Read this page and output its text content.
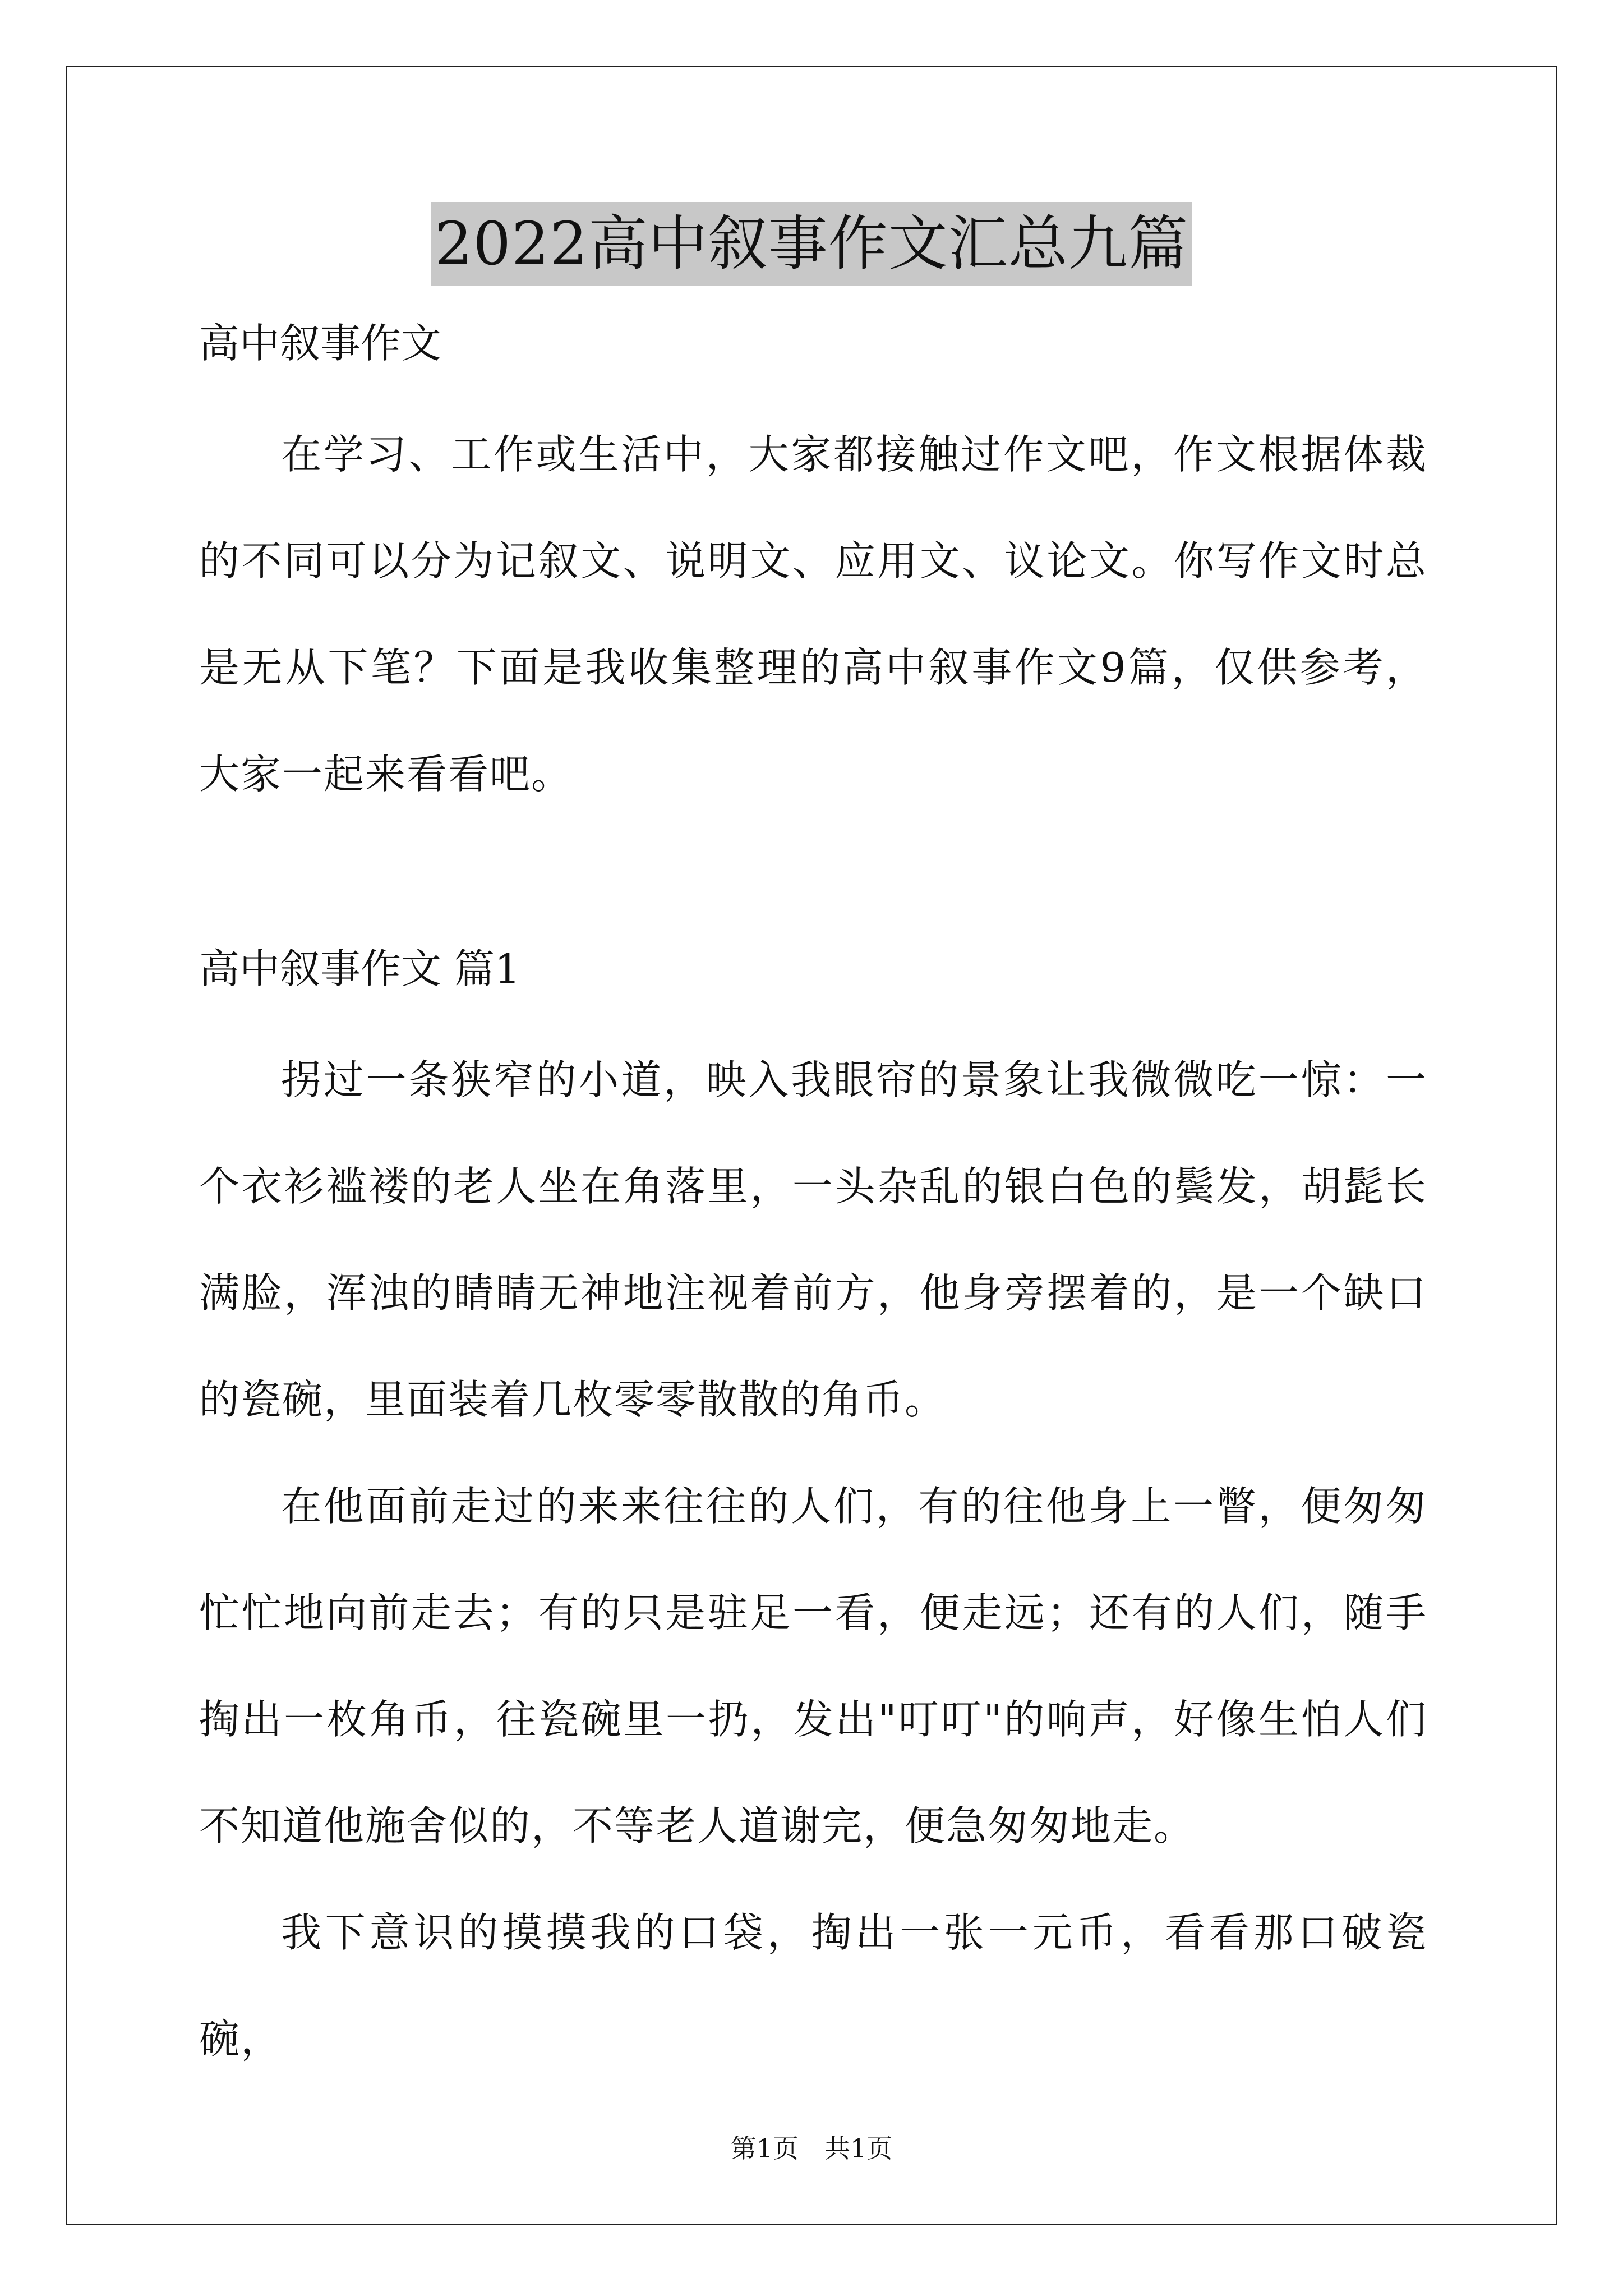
2022高中叙事作文汇总九篇

高中叙事作文

在学习、工作或生活中，大家都接触过作文吧，作文根据体裁的不同可以分为记叙文、说明文、应用文、议论文。你写作文时总是无从下笔？下面是我收集整理的高中叙事作文9篇，仅供参考，大家一起来看看吧。

高中叙事作文 篇1

拐过一条狭窄的小道，映入我眼帘的景象让我微微吃一惊：一个衣衫褴褛的老人坐在角落里，一头杂乱的银白色的鬓发，胡髭长满脸，浑浊的睛睛无神地注视着前方，他身旁摆着的，是一个缺口的瓷碗，里面装着几枚零零散散的角币。

在他面前走过的来来往往的人们，有的往他身上一瞥，便匆匆忙忙地向前走去；有的只是驻足一看，便走远；还有的人们，随手掏出一枚角币，往瓷碗里一扔，发出"叮叮"的响声，好像生怕人们不知道他施舍似的，不等老人道谢完，便急匆匆地走。

我下意识的摸摸我的口袋，掏出一张一元币，看看那口破瓷碗，

第1页　共1页
